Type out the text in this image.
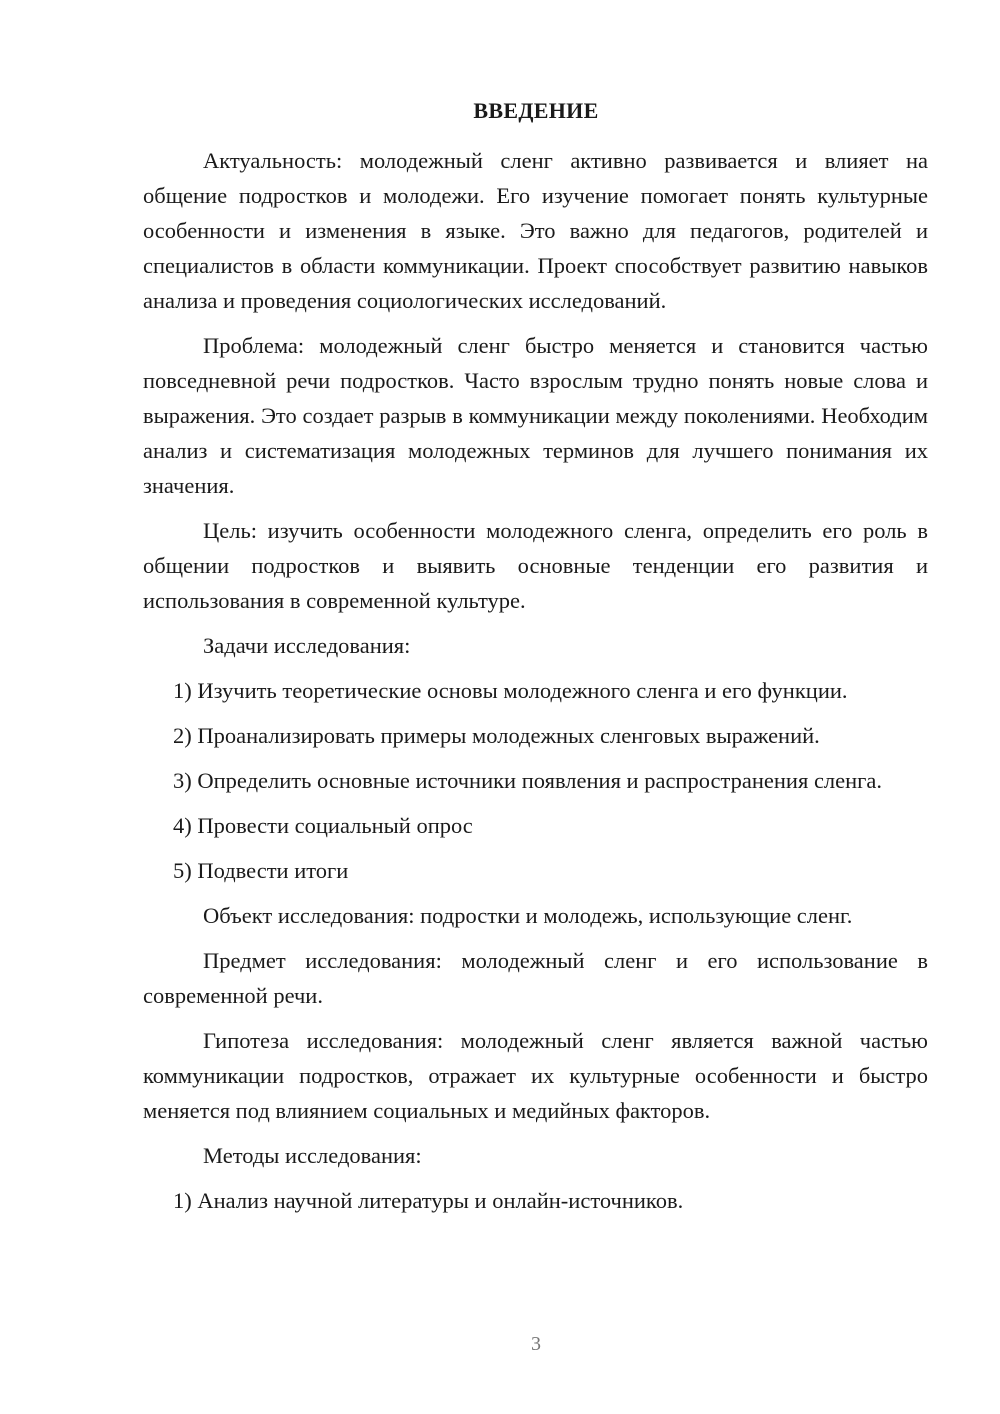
ВВЕДЕНИЕ

Актуальность: молодежный сленг активно развивается и влияет на общение подростков и молодежи. Его изучение помогает понять культурные особенности и изменения в языке. Это важно для педагогов, родителей и специалистов в области коммуникации. Проект способствует развитию навыков анализа и проведения социологических исследований.

Проблема: молодежный сленг быстро меняется и становится частью повседневной речи подростков. Часто взрослым трудно понять новые слова и выражения. Это создает разрыв в коммуникации между поколениями. Необходим анализ и систематизация молодежных терминов для лучшего понимания их значения.

Цель: изучить особенности молодежного сленга, определить его роль в общении подростков и выявить основные тенденции его развития и использования в современной культуре.

Задачи исследования:

1) Изучить теоретические основы молодежного сленга и его функции.

2) Проанализировать примеры молодежных сленговых выражений.

3) Определить основные источники появления и распространения сленга.

4) Провести социальный опрос

5) Подвести итоги

Объект исследования: подростки и молодежь, использующие сленг.

Предмет исследования: молодежный сленг и его использование в современной речи.

Гипотеза исследования: молодежный сленг является важной частью коммуникации подростков, отражает их культурные особенности и быстро меняется под влиянием социальных и медийных факторов.

Методы исследования:

1) Анализ научной литературы и онлайн-источников.

3
